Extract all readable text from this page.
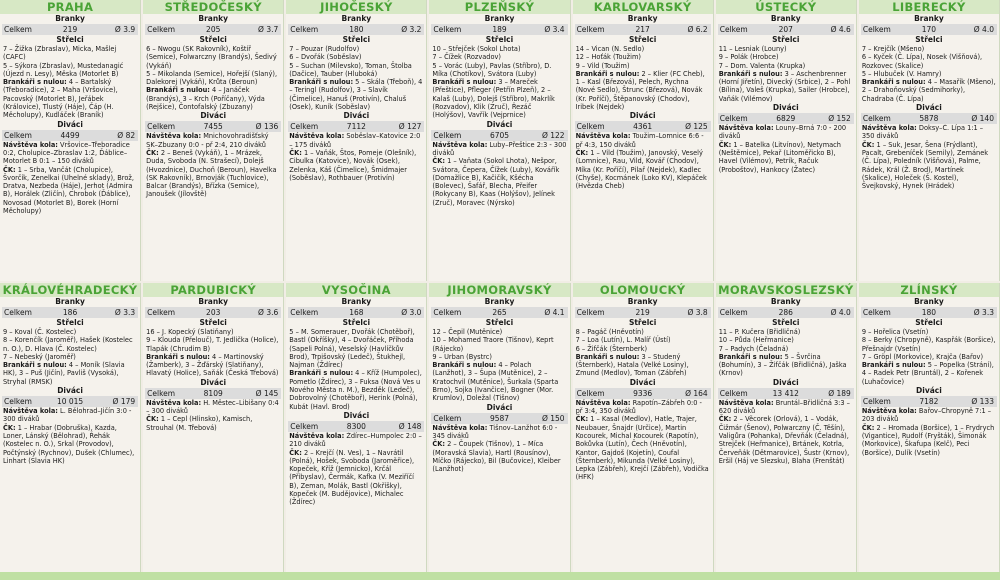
PRAHA
Branky
Celkem	219	Ø 3.9
Střelci

7 – Žižka (Zbraslav), Micka, Mašlej (CAFC)
5 – Sýkora (Zbraslav), Mustedanagić (Újezd n. Lesy), Měska (Motorlet B)

Brankáři s nulou: 4 – Bartalský (Třeboradice), 2 – Maha (Vršovice), Pacovský (Motorlet B), Jeřábek (Královice), Tlustý (Háje), Čáp (H. Měcholupy), Kudláček (Braník)

Diváci
Celkem	4499	Ø 82

Návštěva kola: Vršovice–Třeboradice 0:2, Cholupice–Zbraslav 1:2, Ďáblice–Motorlet B 0:1 – 150 diváků

ČK: 1 – Srba, Vančát (Cholupice), Švorčík, Zenelkai (Uhelné sklady), Brož, Dratva, Nezbeda (Háje), Jerhot (Admira B), Horálek (Zličín), Chrobok (Ďáblice), Novosad (Motorlet B), Borek (Horní Měcholupy)

STŘEDOČESKÝ
Branky
Celkem	205	Ø 3.7
Střelci

6 – Nwogu (SK Rakovník), Koštíř (Semice), Folwarczny (Brandýs), Šedivý (Vykáň)
5 – Mikolanda (Semice), Hořejší (Slaný), Dalekorej (Vykáň), Krůta (Beroun)

Brankáři s nulou: 4 – Janáček (Brandýs), 3 – Krch (Poříčany), Výda (Rejšice), Čontofalský (Zbuzany)

Diváci
Celkem	7455	Ø 136

Návštěva kola: Mnichovohradišťský SK–Zbuzany 0:0 - př 2:4, 210 diváků

ČK: 2 – Beneš (Vykáň), 1 – Mrázek, Duda, Svoboda (N. Strašecí), Dolejš (Hvozdnice), Duchoň (Beroun), Havelka (SK Rakovník), Brnovják (Tuchlovice), Balcar (Brandýs), Břízka (Semice), Janoušek (Jílovště)

JIHOČESKÝ
Branky
Celkem	180	Ø 3.2
Střelci

7 – Pouzar (Rudolfov)
6 – Dvořák (Soběslav)
5 – Suchan (Milevsko), Toman, Štolba (Dačice), Tauber (Hluboká)

Brankáři s nulou: 5 – Skála (Třeboň), 4 – Teringl (Rudolfov), 3 – Slavík (Čimelice), Hanuš (Protivín), Chaluš (Osek), Kuník (Soběslav)

Diváci
Celkem	7112	Ø 127

Návštěva kola: Soběslav–Katovice 2:0 – 175 diváků

ČK: 1 – Vaňák, Štos, Pomeje (Olešník), Cibulka (Katovice), Novák (Osek), Zelenka, Káš (Čimelice), Šmidmajer (Soběslav), Rothbauer (Protivín)

PLZEŇSKÝ
Branky
Celkem	189	Ø 3.4
Střelci

10 – Střejček (Sokol Lhota)
7 – Čížek (Rozvadov)
5 – Vorác (Luby), Pavlas (Stříbro), D. Míka (Chotíkov), Svátora (Luby)

Brankáři s nulou: 3 – Mareček (Přeštice), Pfleger (Petřín Plzeň), 2 – Kalaš (Luby), Dolejš (Stříbro), Makrlík (Rozvadov), Klik (Zruč), Řezáč (Holýšov), Vavřík (Vejprnice)

Diváci
Celkem	6705	Ø 122

Návštěva kola: Luby–Přeštice 2:3 - 300 diváků

ČK: 1 – Vaňata (Sokol Lhota), Nešpor, Svátora, Čepera, Čížek (Luby), Kovářík (Domažlice B), Kačičík, Kšécha (Bolevec), Šafář, Blecha, Přeifer (Rokycany B), Kaas (Holýšov), Jelínek (Zruč), Moravec (Nýrsko)

KARLOVARSKÝ
Branky
Celkem	217	Ø 6.2
Střelci

14 – Vican (N. Sedlo)
12 – Hoťák (Toužim)
9 – Vild (Toužim)

Brankáři s nulou: 2 – Klier (FC Cheb), 1 – Kasl (Březová), Pelech, Rychna (Nové Sedlo), Štrunc (Březová), Novák (Kr. Poříčí), Štěpanovský (Chodov), Iribek (Nejdek)

Diváci
Celkem	4361	Ø 125

Návštěva kola: Toužim–Lomnice 6:6 - př 4:3, 150 diváků

ČK: 1 – Vild (Toužim), Janovský, Veselý (Lomnice), Rau, Vild, Kovář (Chodov), Míka (Kr. Poříčí), Pilař (Nejdek), Kadlec (Chyše), Kocmánek (Loko KV), Klepáček (Hvězda Cheb)

ÚSTECKÝ
Branky
Celkem	207	Ø 4.6
Střelci

11 – Lesniak (Louny)
9 – Polák (Hrobce)
7 – Dom. Valenta (Krupka)

Brankáři s nulou: 3 – Aschenbrenner (Horní Jiřetín), Divecký (Srbice), 2 – Pohl (Bílina), Valeš (Krupka), Sailer (Hrobce), Vaňák (Vilémov)

Diváci
Celkem	6829	Ø 152

Návštěva kola: Louny–Brná 7:0 - 200 diváků

ČK: 1 – Batelka (Litvínov), Netymach (Neštěmice), Pekař (Litoměřicko B), Havel (Vilémov), Petrík, Račuk (Proboštov), Hankocy (Žatec)

LIBERECKÝ
Branky
Celkem	170	Ø 4.0
Střelci

7 – Krejčík (Mšeno)
6 – Kyček (Č. Lípa), Nosek (Višňová), Rozkovec (Skalice)
5 – Hlubuček (V. Hamry)

Brankáři s nulou: 4 – Masařík (Mšeno), 2 – Drahoňovský (Sedmihorky), Chadraba (Č. Lípa)

Diváci
Celkem	5878	Ø 140

Návštěva kola: Doksy–Č. Lípa 1:1 – 350 diváků

ČK: 1 – Suk, Jesar, Šena (Frýdlant), Pacalt, Grebeníček (Semily), Zemánek (Č. Lípa), Poledník (Višňová), Palme, Rádek, Král (Ž. Brod), Martínek (Skalice), Holeček (Š. Kostel), Švejkovský, Hynek (Hrádek)

KRÁLOVÉHRADECKÝ
Branky
Celkem	186	Ø 3.3
Střelci

9 – Koval (Č. Kostelec)
8 – Korenčík (Jaroměř), Hašek (Kostelec n. O.), D. Hlava (Č. Kostelec)
7 – Nebeský (Jaroměř)

Brankáři s nulou: 4 – Moník (Slavia HK), 3 – Puš (Jičín), Pavliš (Vysoká), Stryhal (RMSK)

Diváci
Celkem	10 015	Ø 179

Návštěva kola: L. Bělohrad–Jičín 3:0 - 300 diváků

ČK: 1 – Hrabar (Dobruška), Kazda, Loner, Lánský (Bělohrad), Řehák (Kostelec n. O.), Srkal (Provodov), Počtýnský (Rychnov), Dušek (Chlumec), Linhart (Slavia HK)

PARDUBICKÝ
Branky
Celkem	203	Ø 3.6
Střelci

16 – J. Kopecký (Slatiňany)
9 – Klouda (Přelouč), T. Jedlička (Holice), Tlapák (Chrudim B)

Brankáři s nulou: 4 – Martinovský (Žamberk), 3 – Žďárský (Slatiňany), Hlavatý (Holice), Saňák (Česká Třebová)

Diváci
Celkem	8109	Ø 145

Návštěva kola: H. Městec–Libišany 0:4 – 300 diváků

ČK: 1 – Cepl (Hlinsko), Kamisch, Strouhal (M. Třebová)

VYSOČINA
Branky
Celkem	168	Ø 3.0
Střelci

5 – M. Somerauer, Dvořák (Chotěboř), Bastl (Okříšky), 4 – Dvořáček, Příhoda (Sapeli Polná), Veselský (Havlíčkův Brod), Trpišovský (Ledeč), Štukhejl, Najman (Ždírec)

Brankáři s nulou: 4 – Kříž (Humpolec), Pometlo (Ždírec), 3 – Fuksa (Nová Ves u Nového Města n. M.), Bezděk (Ledeč), Dobrovolný (Chotěboř), Herink (Polná), Kubát (Havl. Brod)

Diváci
Celkem	8300	Ø 148

Návštěva kola: Ždírec–Humpolec 2:0 – 210 diváků

ČK: 2 – Krejčí (N. Ves), 1 – Navrátil (Polná), Hošek, Svoboda (Jaroměřice), Kopeček, Kříž (Jemnicko), Krčál (Přibyslav), Čermák, Kafka (V. Meziříčí B), Zeman, Molák, Bastl (Okříšky), Kopeček (M. Budějovice), Michalec (Ždírec)

JIHOMORAVSKÝ
Branky
Celkem	265	Ø 4.1
Střelci

12 – Čepil (Mutěnice)
10 – Mohamed Traore (Tišnov), Keprt (Rájecko)
9 – Urban (Bystrc)

Brankáři s nulou: 4 – Polach (Lanžhot), 3 – Šupa (Mutěnice), 2 – Kratochvil (Mutěnice), Šurkala (Sparta Brno), Sojka (Ivančice), Bogner (Mor. Krumlov), Doležal (Tišnov)

Diváci
Celkem	9587	Ø 150

Návštěva kola: Tišnov–Lanžhot 6:0 - 345 diváků

ČK: 2 – Čoupek (Tišnov), 1 – Míca (Moravská Slavia), Hartl (Rousínov), Míčko (Rájecko), Bil (Bučovice), Kleiber (Lanžhot)

OLOMOUCKÝ
Branky
Celkem	219	Ø 3.8
Střelci

8 – Pagáč (Hněvotín)
7 – Loa (Lutín), L. Malíř (Ústí)
6 – Žifčák (Šternberk)

Brankáři s nulou: 3 – Studený (Šternberk), Hatala (Velké Losiny), Zmund (Medlov), Toman (Zábřeh)

Diváci
Celkem	9336	Ø 164

Návštěva kola: Rapotín–Zábřeh 0:0 - př 3:4, 350 diváků

ČK: 1 – Kasal (Medlov), Hatle, Trajer, Neubauer, Šnajdr (Určice), Martin Kocourek, Michal Kocourek (Rapotín), Bokůvka (Lutín), Čech (Hněvotín), Kantor, Gajdoš (Kojetín), Coufal (Šternberk), Mikunda (Velké Losiny), Lepka (Zábřeh), Krejčí (Zábřeh), Vodička (HFK)

MORAVSKOSLEZSKÝ
Branky
Celkem	286	Ø 4.0
Střelci

11 – P. Kučera (Břidličná)
10 – Půda (Heřmanice)
7 – Padych (Čeladná)

Brankáři s nulou: 5 – Švrčina (Bohumín), 3 – Žifčák (Břidličná), Jaška (Krnov)

Diváci
Celkem	13 412	Ø 189

Návštěva kola: Bruntál–Břidličná 3:3 – 620 diváků

ČK: 2 – Věcorek (Orlová), 1 – Vodák, Čižmár (Šenov), Polwarczny (Č. Těšín), Valigůra (Pohanka), Dřevňák (Čeladná), Strejček (Heřmanice), Brtánek, Kotrla, Červeňák (Dětmarovice), Šustr (Krnov), Eršil (Háj ve Slezsku), Blaha (Frenštát)

ZLÍNSKÝ
Branky
Celkem	180	Ø 3.3
Střelci

9 – Hořelica (Vsetín)
8 – Berky (Chropyně), Kaspřák (Boršice), Přešnajdr (Vsetín)
7 – Gröpl (Morkovice), Krajča (Bařov)

Brankáři s nulou: 5 – Popelka (Strání), 4 – Radek Petr (Bruntál), 2 – Kořenek (Luhačovice)

Diváci
Celkem	7182	Ø 133

Návštěva kola: Bařov–Chropyně 7:1 – 203 diváků

ČK: 2 – Hromada (Boršice), 1 – Frydrych (Vigantice), Rudolf (Fryšták), Šimonák (Morkovice), Škafupa (Kelč), Peci (Boršice), Dulík (Vsetín)
